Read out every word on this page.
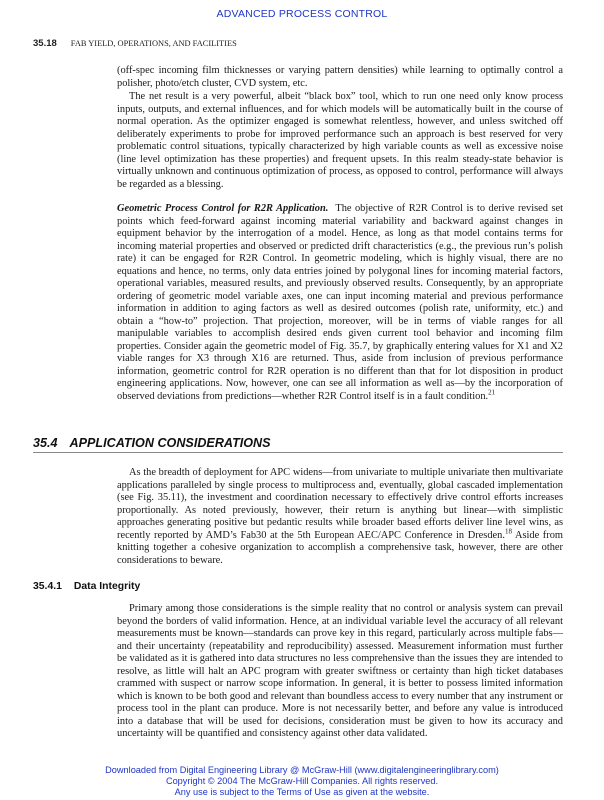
ADVANCED PROCESS CONTROL
35.18 FAB YIELD, OPERATIONS, AND FACILITIES

(off-spec incoming film thicknesses or varying pattern densities) while learning to optimally control a polisher, photo/etch cluster, CVD system, etc.

The net result is a very powerful, albeit “black box” tool, which to run one need only know process inputs, outputs, and external influences, and for which models will be automatically built in the course of normal operation. As the optimizer engaged is somewhat relentless, however, and unless switched off deliberately experiments to probe for improved performance such an approach is best reserved for very problematic control situations, typically characterized by high variable counts as well as excessive noise (line level optimization has these properties) and frequent upsets. In this realm steady-state behavior is virtually unknown and continuous optimization of process, as opposed to control, performance will always be regarded as a blessing.

Geometric Process Control for R2R Application. The objective of R2R Control is to derive revised set points which feed-forward against incoming material variability and backward against changes in equipment behavior by the interrogation of a model. Hence, as long as that model contains terms for incoming material properties and observed or predicted drift characteristics (e.g., the previous run’s polish rate) it can be engaged for R2R Control. In geometric modeling, which is highly visual, there are no equations and hence, no terms, only data entries joined by polygonal lines for incoming material factors, operational variables, measured results, and previously observed results. Consequently, by an appropriate ordering of geometric model variable axes, one can input incoming material and previous performance information in addition to aging factors as well as desired outcomes (polish rate, uniformity, etc.) and obtain a “how-to” projection. That projection, moreover, will be in terms of viable ranges for all manipulable variables to accomplish desired ends given current tool behavior and incoming film properties. Consider again the geometric model of Fig. 35.7, by graphically entering values for X1 and X2 viable ranges for X3 through X16 are returned. Thus, aside from inclusion of previous performance information, geometric control for R2R operation is no different than that for lot disposition in product engineering applications. Now, however, one can see all information as well as—by the incorporation of observed deviations from predictions—whether R2R Control itself is in a fault condition.$^{21}$

35.4 APPLICATION CONSIDERATIONS

As the breadth of deployment for APC widens—from univariate to multiple univariate then multivariate applications paralleled by single process to multiprocess and, eventually, global cascaded implementation (see Fig. 35.11), the investment and coordination necessary to effectively drive control efforts increases proportionally. As noted previously, however, their return is anything but linear—with simplistic approaches generating positive but pedantic results while broader based efforts deliver line level wins, as recently reported by AMD’s Fab30 at the 5th European AEC/APC Conference in Dresden.$^{18}$ Aside from knitting together a cohesive organization to accomplish a comprehensive task, however, there are other considerations to beware.

35.4.1 Data Integrity

Primary among those considerations is the simple reality that no control or analysis system can prevail beyond the borders of valid information. Hence, at an individual variable level the accuracy of all relevant measurements must be known—standards can prove key in this regard, particularly across multiple fabs—and their uncertainty (repeatability and reproducibility) assessed. Measurement information must further be validated as it is gathered into data structures no less comprehensive than the issues they are intended to resolve, as little will halt an APC program with greater swiftness or certainty than high ticket databases crammed with suspect or narrow scope information. In general, it is better to possess limited information which is known to be both good and relevant than boundless access to every number that any instrument or process tool in the plant can produce. More is not necessarily better, and before any value is introduced into a database that will be used for decisions, consideration must be given to how its accuracy and uncertainty will be quantified and consistency against other data validated.

Downloaded from Digital Engineering Library @ McGraw-Hill (www.digitalengineeringlibrary.com)
Copyright © 2004 The McGraw-Hill Companies. All rights reserved.
Any use is subject to the Terms of Use as given at the website.
